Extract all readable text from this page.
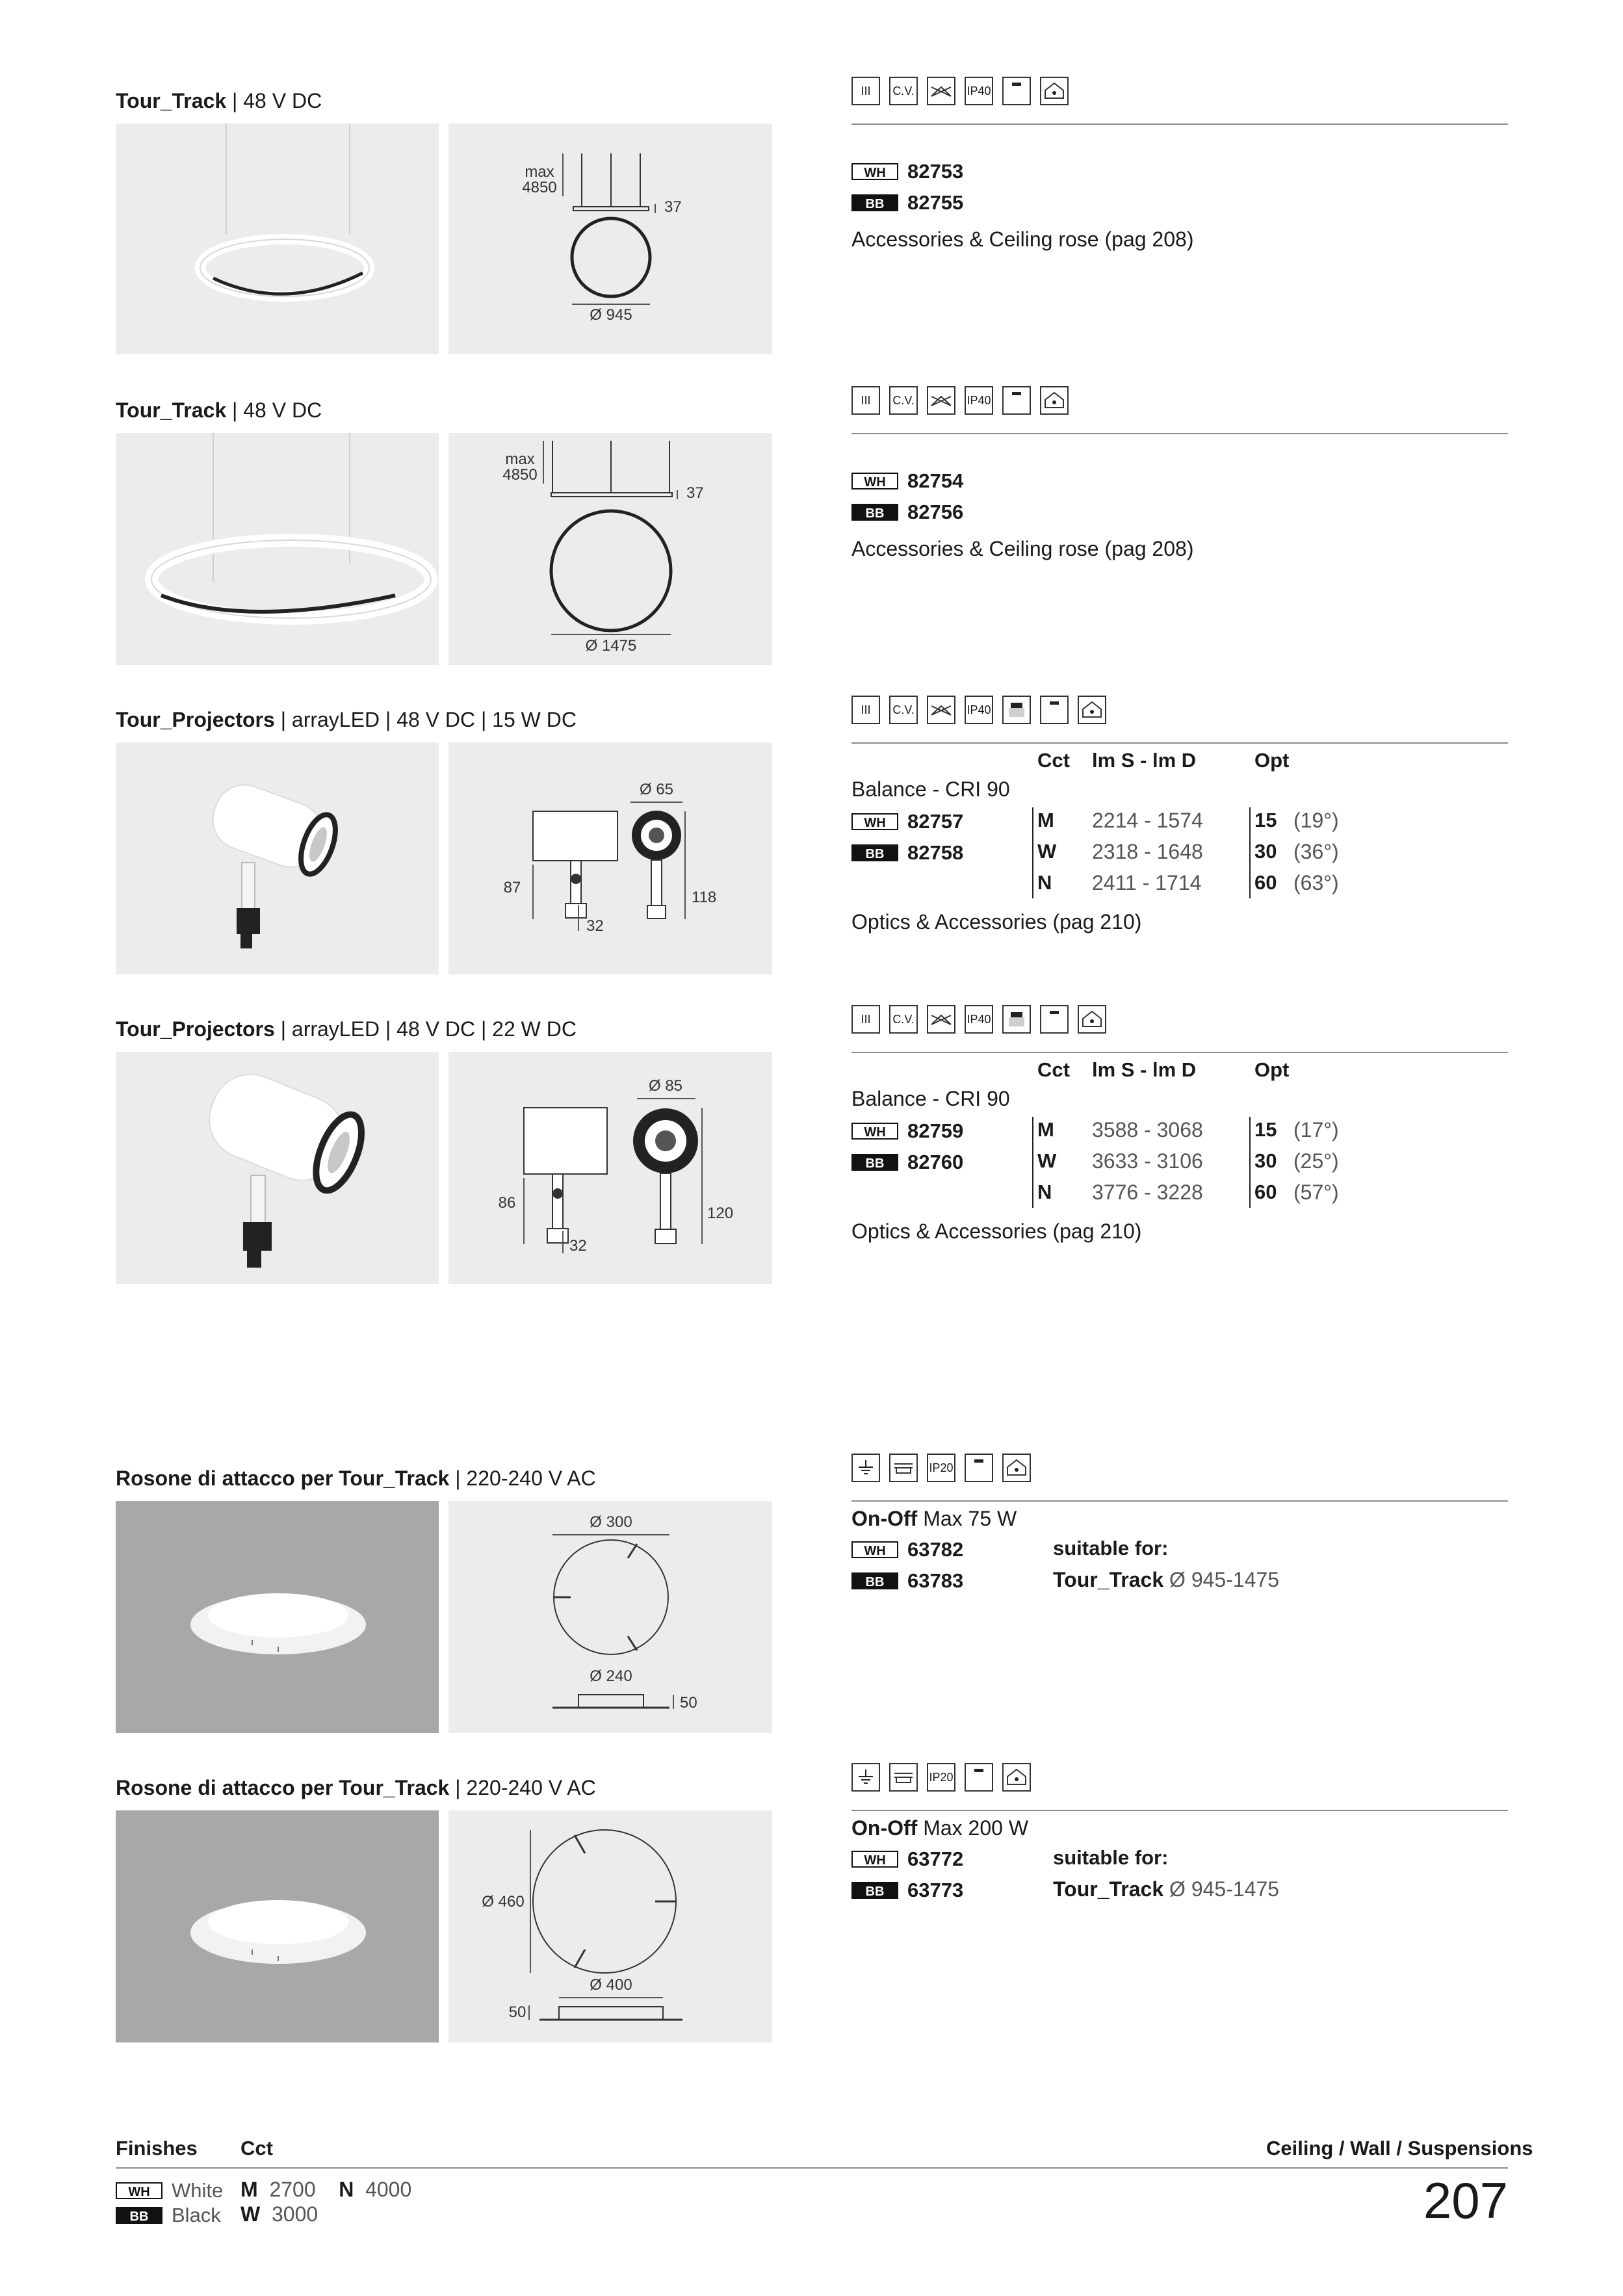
Tour_Track | 48 V DC
max
4850
37
Ø 945
III C.V.	IP40
WH	82753
BB	82755
Accessories & Ceiling rose (pag 208)
Tour_Track | 48 V DC
max
4850
37
Ø 1475
III C.V.	IP40
WH	82754
BB	82756
Accessories & Ceiling rose (pag 208)
Tour_Projectors | arrayLED | 48 V DC | 15 W DC
Ø 65
87
118
32
III C.V.	IP40
Cct lm S - lm D	Opt
Balance - CRI 90
WH	82757
BB	82758
M 2214 - 1574	15 (19°)
W 2318 - 1648	30 (36°)
N 2411 - 1714	60 (63°)
Optics & Accessories (pag 210)
Tour_Projectors | arrayLED | 48 V DC | 22 W DC
Ø 85
86
120
32
III C.V.	IP40
Cct lm S - lm D	Opt
Balance - CRI 90
WH	82759
BB	82760
M 3588 - 3068	15 (17°)
W 3633 - 3106	30 (25°)
N 3776 - 3228	60 (57°)
Optics & Accessories (pag 210)
Rosone di attacco per Tour_Track | 220-240 V AC
Ø 300
Ø 240
50
IP20
On-Off Max 75 W
WH	63782
BB	63783
suitable for:
Tour_Track Ø 945-1475
Rosone di attacco per Tour_Track | 220-240 V AC
Ø 460
Ø 400
50
IP20
On-Off Max 200 W
WH	63772
BB	63773
suitable for:
Tour_Track Ø 945-1475
Finishes Cct	Ceiling / Wall / Suspensions
WH	White
BB	Black
M 2700 N 4000
W 3000	207
